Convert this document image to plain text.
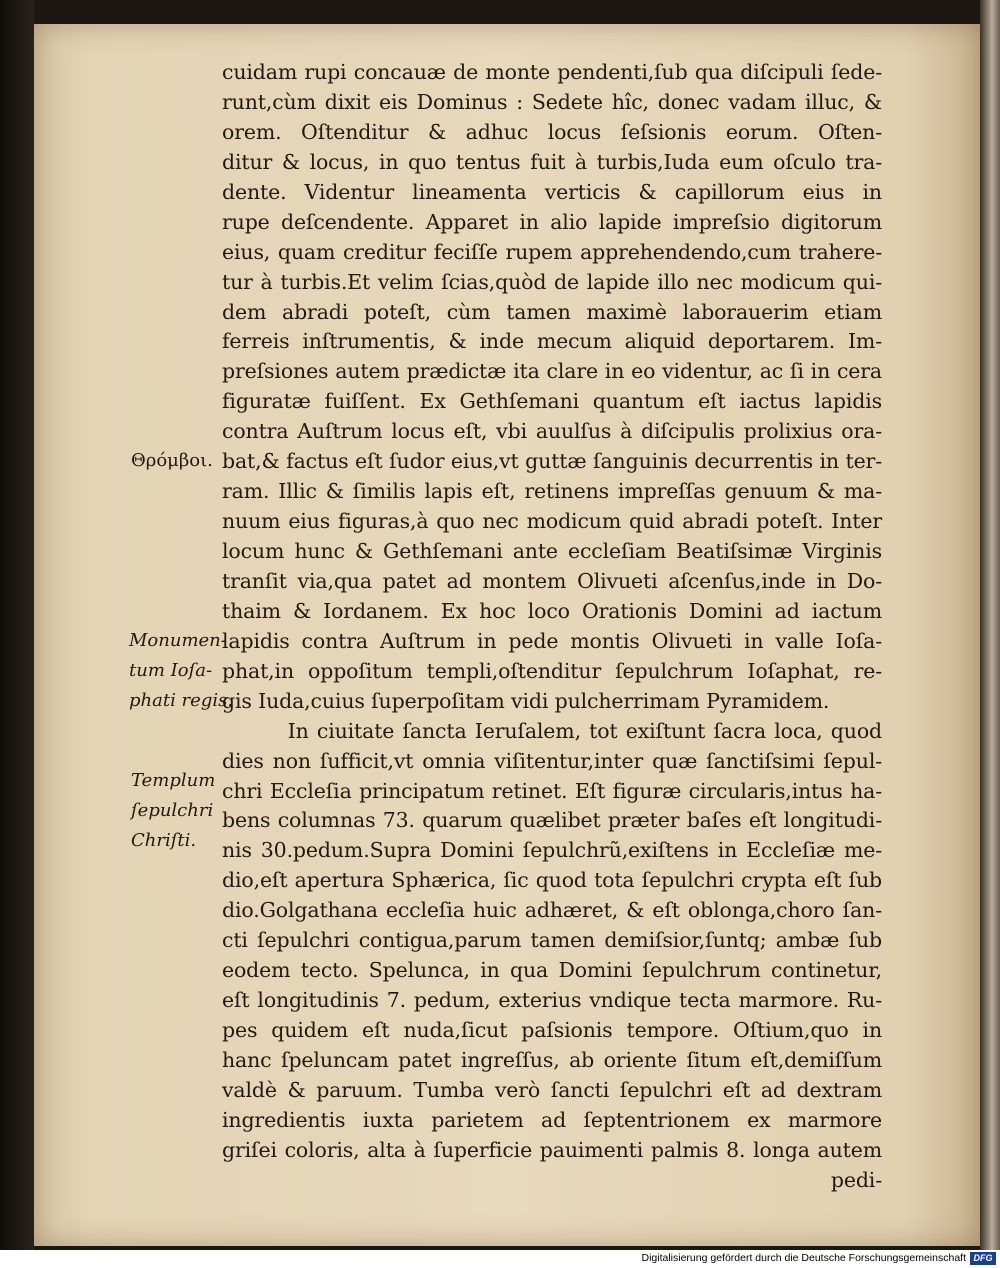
Θρόμβοι.
Monumen-
tum Ioſa-
phati regis.
Templum
ſepulchri
Chriſti.
cuidam rupi concauæ de monte pendenti,ſub qua diſcipuli ſede-
runt,cùm dixit eis Dominus : Sedete hîc, donec vadam illuc, &
orem. Oſtenditur & adhuc locus ſeſsionis eorum. Oſten-
ditur & locus, in quo tentus fuit à turbis,Iuda eum oſculo tra-
dente. Videntur lineamenta verticis & capillorum eius in
rupe deſcendente. Apparet in alio lapide impreſsio digitorum
eius, quam creditur feciſſe rupem apprehendendo,cum trahere-
tur à turbis.Et velim ſcias,quòd de lapide illo nec modicum qui-
dem abradi poteſt, cùm tamen maximè laborauerim etiam
ferreis inſtrumentis, & inde mecum aliquid deportarem. Im-
preſsiones autem prædictæ ita clare in eo videntur, ac ſi in cera
figuratæ fuiſſent. Ex Gethſemani quantum eſt iactus lapidis
contra Auſtrum locus eſt, vbi auulſus à diſcipulis prolixius ora-
bat,& factus eſt ſudor eius,vt guttæ ſanguinis decurrentis in ter-
ram. Illic & ſimilis lapis eſt, retinens impreſſas genuum & ma-
nuum eius figuras,à quo nec modicum quid abradi poteſt. Inter
locum hunc & Gethſemani ante eccleſiam Beatiſsimæ Virginis
tranſit via,qua patet ad montem Olivueti aſcenſus,inde in Do-
thaim & Iordanem. Ex hoc loco Orationis Domini ad iactum
lapidis contra Auſtrum in pede montis Olivueti in valle Ioſa-
phat,in oppoſitum templi,oſtenditur ſepulchrum Ioſaphat, re-
gis Iuda,cuius ſuperpoſitam vidi pulcherrimam Pyramidem.
In ciuitate ſancta Ieruſalem, tot exiſtunt ſacra loca, quod
dies non ſufficit,vt omnia viſitentur,inter quæ ſanctiſsimi ſepul-
chri Eccleſia principatum retinet. Eſt figuræ circularis,intus ha-
bens columnas 73. quarum quælibet præter baſes eſt longitudi-
nis 30.pedum.Supra Domini ſepulchrũ,exiſtens in Eccleſiæ me-
dio,eſt apertura Sphærica, ſic quod tota ſepulchri crypta eſt ſub
dio.Golgathana eccleſia huic adhæret, & eſt oblonga,choro ſan-
cti ſepulchri contigua,parum tamen demiſsior,ſuntq; ambæ ſub
eodem tecto. Spelunca, in qua Domini ſepulchrum continetur,
eſt longitudinis 7. pedum, exterius vndique tecta marmore. Ru-
pes quidem eſt nuda,ſicut paſsionis tempore. Oſtium,quo in
hanc ſpeluncam patet ingreſſus, ab oriente ſitum eſt,demiſſum
valdè & paruum. Tumba verò ſancti ſepulchri eſt ad dextram
ingredientis iuxta parietem ad ſeptentrionem ex marmore
griſei coloris, alta à ſuperficie pauimenti palmis 8. longa autem
pedi-
Digitalisierung gefördert durch die Deutsche Forschungsgemeinschaft DFG
